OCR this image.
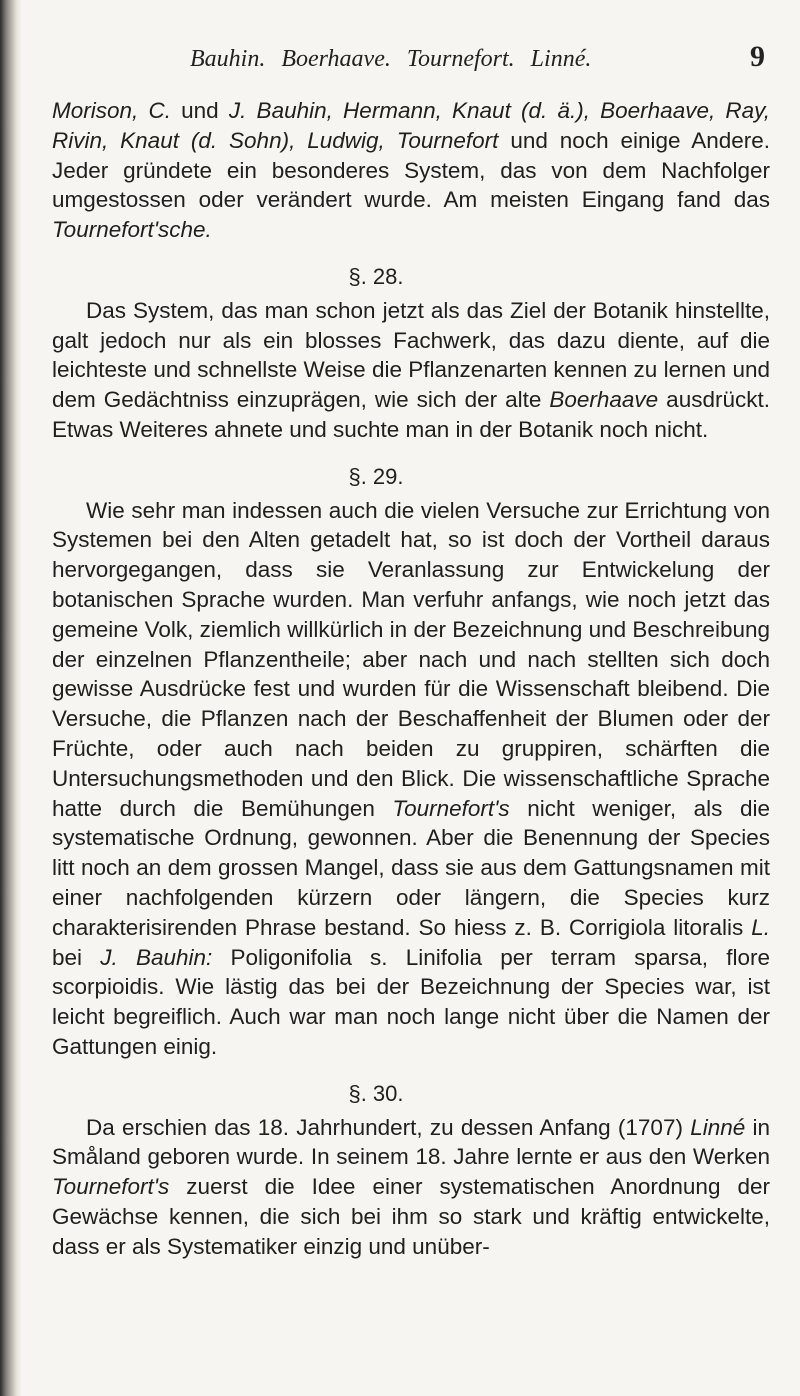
Bauhin. Boerhaave. Tournefort. Linné.	9

Morison, C. und J. Bauhin, Hermann, Knaut (d. ä.), Boerhaave, Ray, Rivin, Knaut (d. Sohn), Ludwig, Tournefort und noch einige Andere. Jeder gründete ein besonderes System, das von dem Nachfolger umgestossen oder verändert wurde. Am meisten Eingang fand das Tournefort'sche.

§. 28.

Das System, das man schon jetzt als das Ziel der Botanik hinstellte, galt jedoch nur als ein blosses Fachwerk, das dazu diente, auf die leichteste und schnellste Weise die Pflanzenarten kennen zu lernen und dem Gedächtniss einzuprägen, wie sich der alte Boerhaave ausdrückt. Etwas Weiteres ahnete und suchte man in der Botanik noch nicht.

§. 29.

Wie sehr man indessen auch die vielen Versuche zur Errichtung von Systemen bei den Alten getadelt hat, so ist doch der Vortheil daraus hervorgegangen, dass sie Veranlassung zur Entwickelung der botanischen Sprache wurden. Man verfuhr anfangs, wie noch jetzt das gemeine Volk, ziemlich willkürlich in der Bezeichnung und Beschreibung der einzelnen Pflanzentheile; aber nach und nach stellten sich doch gewisse Ausdrücke fest und wurden für die Wissenschaft bleibend. Die Versuche, die Pflanzen nach der Beschaffenheit der Blumen oder der Früchte, oder auch nach beiden zu gruppiren, schärften die Untersuchungsmethoden und den Blick. Die wissenschaftliche Sprache hatte durch die Bemühungen Tournefort's nicht weniger, als die systematische Ordnung, gewonnen. Aber die Benennung der Species litt noch an dem grossen Mangel, dass sie aus dem Gattungsnamen mit einer nachfolgenden kürzern oder längern, die Species kurz charakterisirenden Phrase bestand. So hiess z. B. Corrigiola litoralis L. bei J. Bauhin: Poligonifolia s. Linifolia per terram sparsa, flore scorpioidis. Wie lästig das bei der Bezeichnung der Species war, ist leicht begreiflich. Auch war man noch lange nicht über die Namen der Gattungen einig.

§. 30.

Da erschien das 18. Jahrhundert, zu dessen Anfang (1707) Linné in Småland geboren wurde. In seinem 18. Jahre lernte er aus den Werken Tournefort's zuerst die Idee einer systematischen Anordnung der Gewächse kennen, die sich bei ihm so stark und kräftig entwickelte, dass er als Systematiker einzig und unüber-
